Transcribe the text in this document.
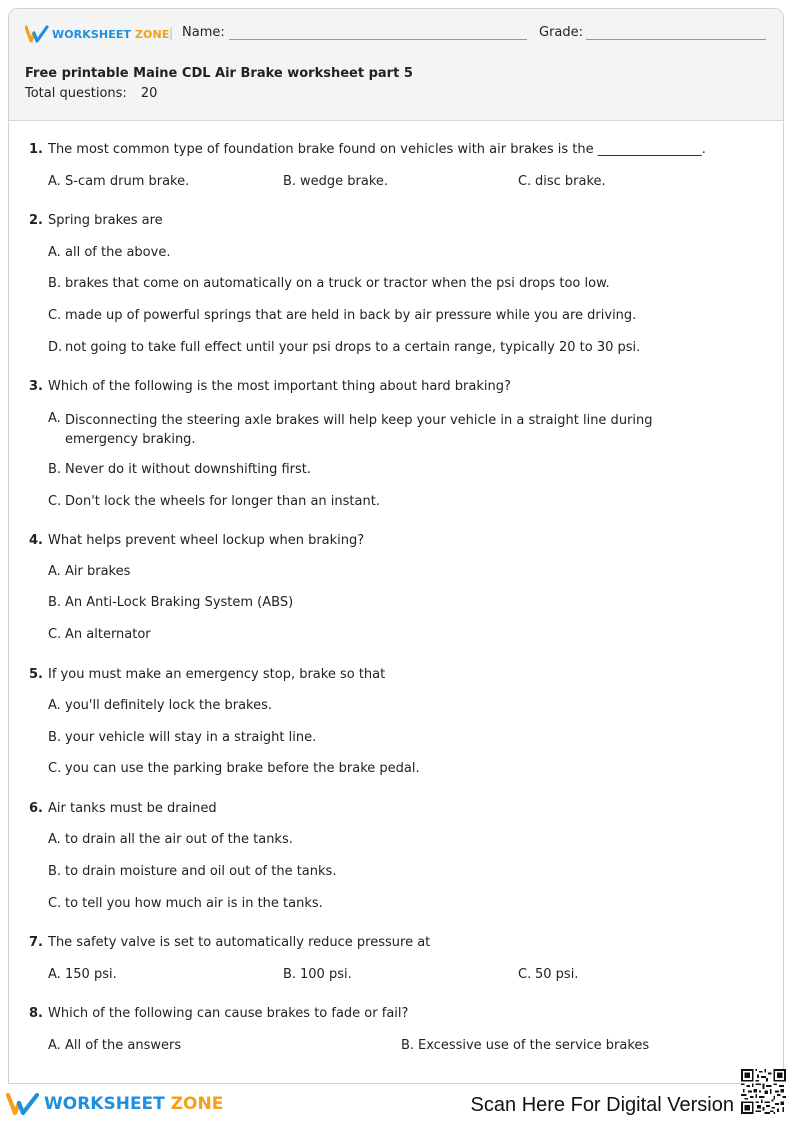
WORKSHEET ZONE | Name:	Grade:
Free printable Maine CDL Air Brake worksheet part 5
Total questions: 20
1. The most common type of foundation brake found on vehicles with air brakes is the ________________.
A. S-cam drum brake.	B. wedge brake.	C. disc brake.
2. Spring brakes are
A. all of the above.
B. brakes that come on automatically on a truck or tractor when the psi drops too low.
C. made up of powerful springs that are held in back by air pressure while you are driving.
D. not going to take full effect until your psi drops to a certain range, typically 20 to 30 psi.
3. Which of the following is the most important thing about hard braking?
A. Disconnecting the steering axle brakes will help keep your vehicle in a straight line during emergency braking.
B. Never do it without downshifting first.
C. Don't lock the wheels for longer than an instant.
4. What helps prevent wheel lockup when braking?
A. Air brakes
B. An Anti-Lock Braking System (ABS)
C. An alternator
5. If you must make an emergency stop, brake so that
A. you'll definitely lock the brakes.
B. your vehicle will stay in a straight line.
C. you can use the parking brake before the brake pedal.
6. Air tanks must be drained
A. to drain all the air out of the tanks.
B. to drain moisture and oil out of the tanks.
C. to tell you how much air is in the tanks.
7. The safety valve is set to automatically reduce pressure at
A. 150 psi.	B. 100 psi.	C. 50 psi.
8. Which of the following can cause brakes to fade or fail?
A. All of the answers	B. Excessive use of the service brakes
WORKSHEET ZONE	Scan Here For Digital Version
